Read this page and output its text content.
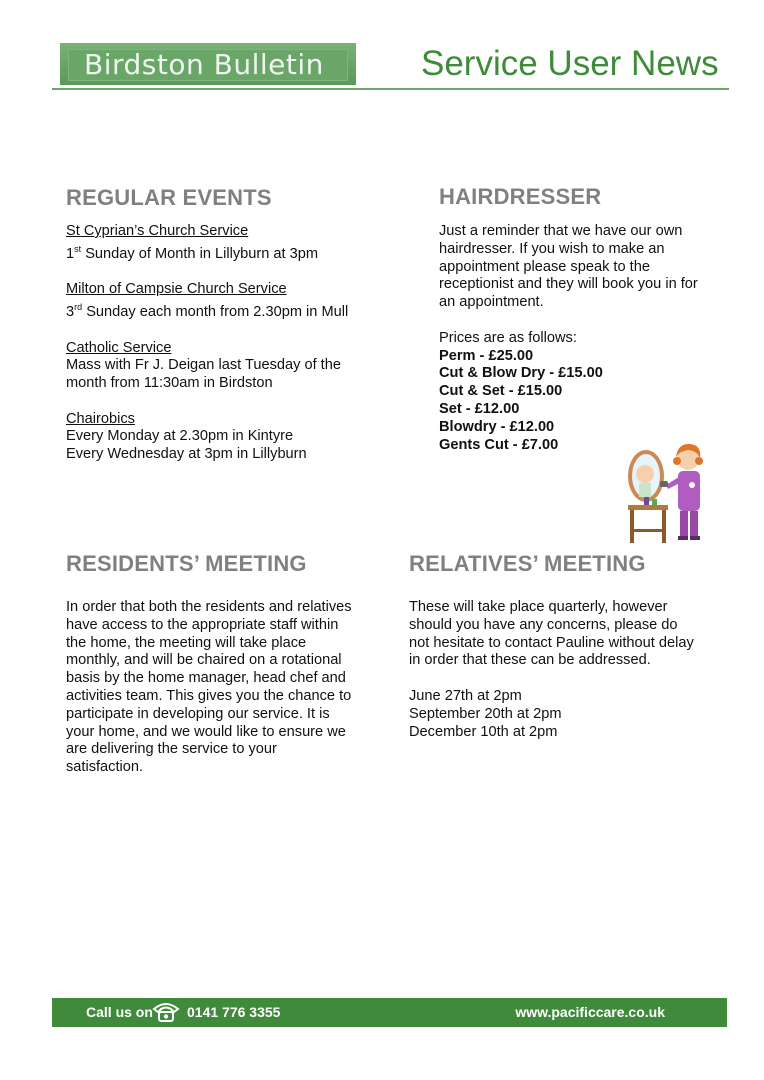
Birdston Bulletin	Service User News
REGULAR EVENTS

St Cyprian’s Church Service

1st Sunday of Month in Lillyburn at 3pm

Milton of Campsie Church Service

3rd Sunday each month from 2.30pm in Mull

Catholic Service

Mass with Fr J. Deigan last Tuesday of the

month from 11:30am in Birdston

Chairobics

Every Monday at 2.30pm in Kintyre

Every Wednesday at 3pm in Lillyburn

HAIRDRESSER

Just a reminder that we have our own

hairdresser. If you wish to make an

appointment please speak to the

receptionist and they will book you in for

an appointment.

Prices are as follows:

Perm - £25.00

Cut & Blow Dry - £15.00

Cut & Set - £15.00

Set - £12.00

Blowdry - £12.00

Gents Cut - £7.00

RESIDENTS’ MEETING

In order that both the residents and relatives

have access to the appropriate staff within

the home, the meeting will take place

monthly, and will be chaired on a rotational

basis by the home manager, head chef and

activities team. This gives you the chance to

participate in developing our service. It is

your home, and we would like to ensure we

are delivering the service to your

satisfaction.

RELATIVES’ MEETING

These will take place quarterly, however

should you have any concerns, please do

not hesitate to contact Pauline without delay

in order that these can be addressed.

June 27th at 2pm

September 20th at 2pm

December 10th at 2pm

Call us on 0141 776 3355	www.pacificcare.co.uk
